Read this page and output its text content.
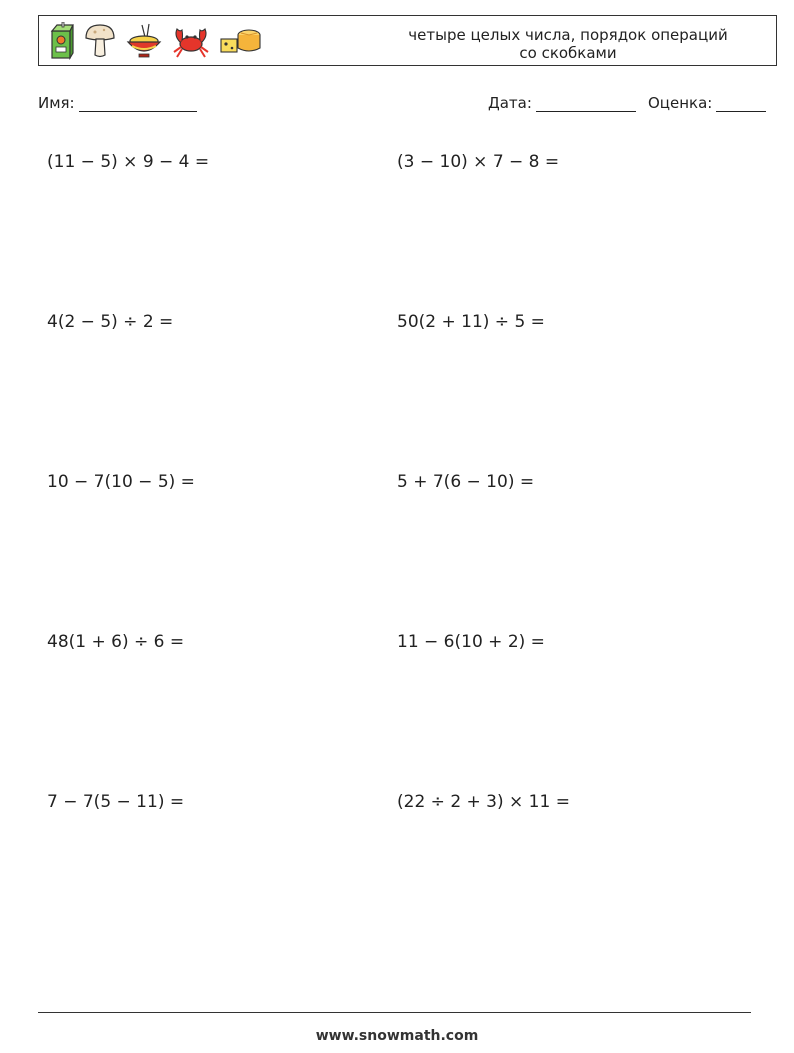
четыре целых числа, порядок операций
со скобками
Имя:	Дата:	Оценка:
(11 − 5) × 9 − 4 =	(3 − 10) × 7 − 8 =
4(2 − 5) ÷ 2 =	50(2 + 11) ÷ 5 =
10 − 7(10 − 5) =	5 + 7(6 − 10) =
48(1 + 6) ÷ 6 =	11 − 6(10 + 2) =
7 − 7(5 − 11) =	(22 ÷ 2 + 3) × 11 =
www.snowmath.com
